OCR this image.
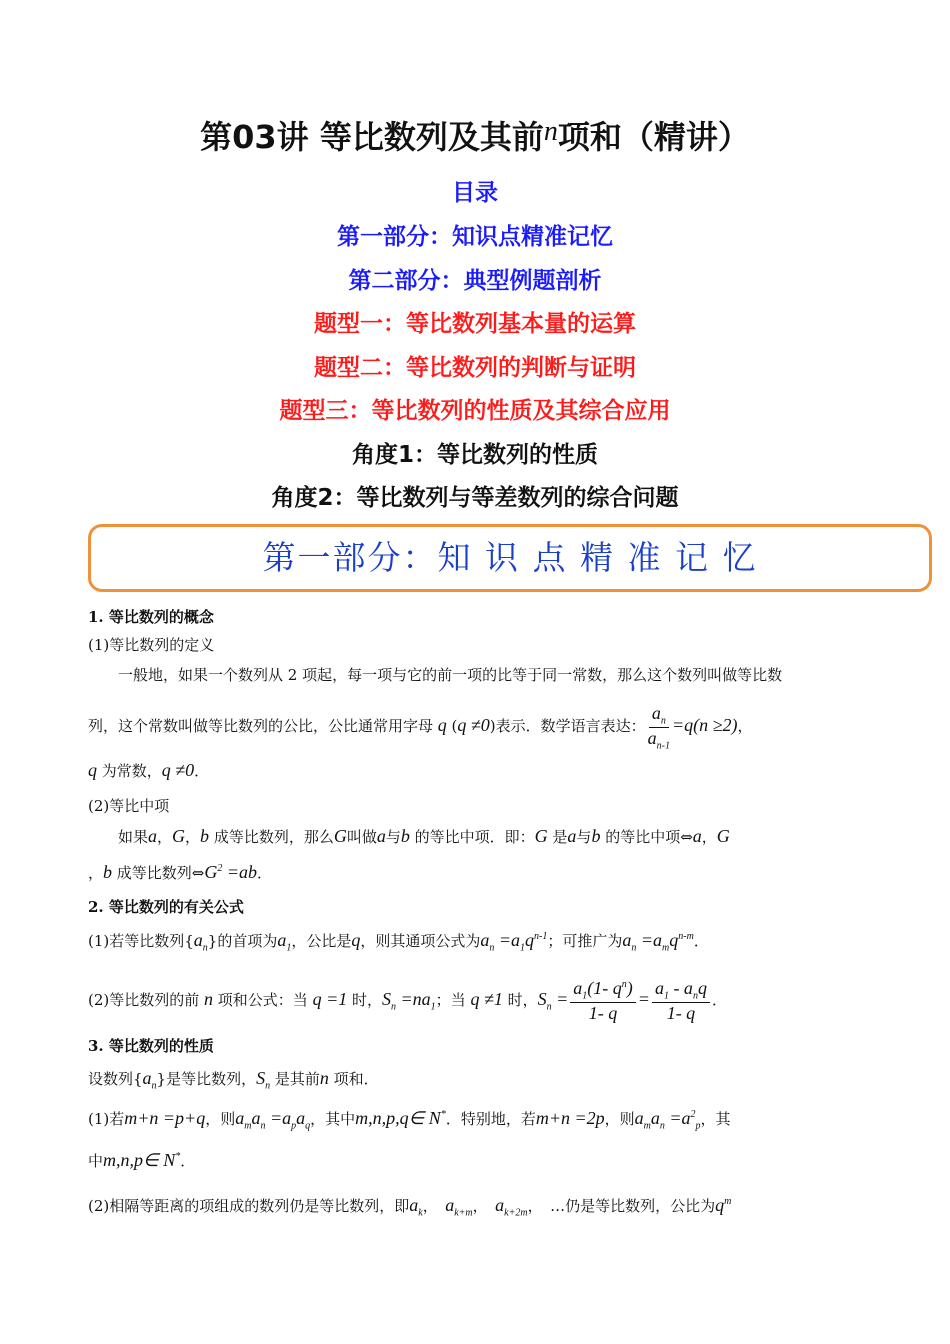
第03讲 等比数列及其前n项和（精讲）
目录
第一部分：知识点精准记忆
第二部分：典型例题剖析
题型一：等比数列基本量的运算
题型二：等比数列的判断与证明
题型三：等比数列的性质及其综合应用
角度1：等比数列的性质
角度2：等比数列与等差数列的综合问题
第一部分：知 识 点 精 准 记 忆
1. 等比数列的概念
(1)等比数列的定义
　　一般地，如果一个数列从 2 项起，每一项与它的前一项的比等于同一常数，那么这个数列叫做等比数
列，这个常数叫做等比数列的公比，公比通常用字母 q (q ≠0)表示．数学语言表达： $\frac{a_n}{a_{n-1}} =q(n \ge 2)$，
q 为常数，q ≠0．
(2)等比中项
　　如果a，G，b 成等比数列，那么G叫做a与b 的等比中项．即：G 是a与b 的等比中项⇔a，G
，b 成等比数列$\Leftrightarrow G^2 =ab$．
2. 等比数列的有关公式
(1)若等比数列$\{a_n\}$的首项为$a_1$，公比是q，则其通项公式为$a_n =a_1q^{n-1}$；可推广为$a_n =a_mq^{n-m}$．
(2)等比数列的前 n 项和公式：当 q =1 时，$S_n =na_1$；当 q ≠1 时，$S_n = \frac{a_1(1- q^n)}{1- q} = \frac{a_1 - a_nq}{1- q}$ ．
3. 等比数列的性质
设数列$\{a_n\}$是等比数列，$S_n$ 是其前n 项和．
(1)若m+n =p+q，则$a_ma_n =a_pa_q$，其中m,n,p,q∈ N*．特别地，若m+n =2p，则$a_ma_n =a^2_p$，其
中m,n,p∈ N*．
(2)相隔等距离的项组成的数列仍是等比数列，即$a_k$，　$a_{k+m}$，　$a_{k+2m}$，　…仍是等比数列，公比为$q^m$
